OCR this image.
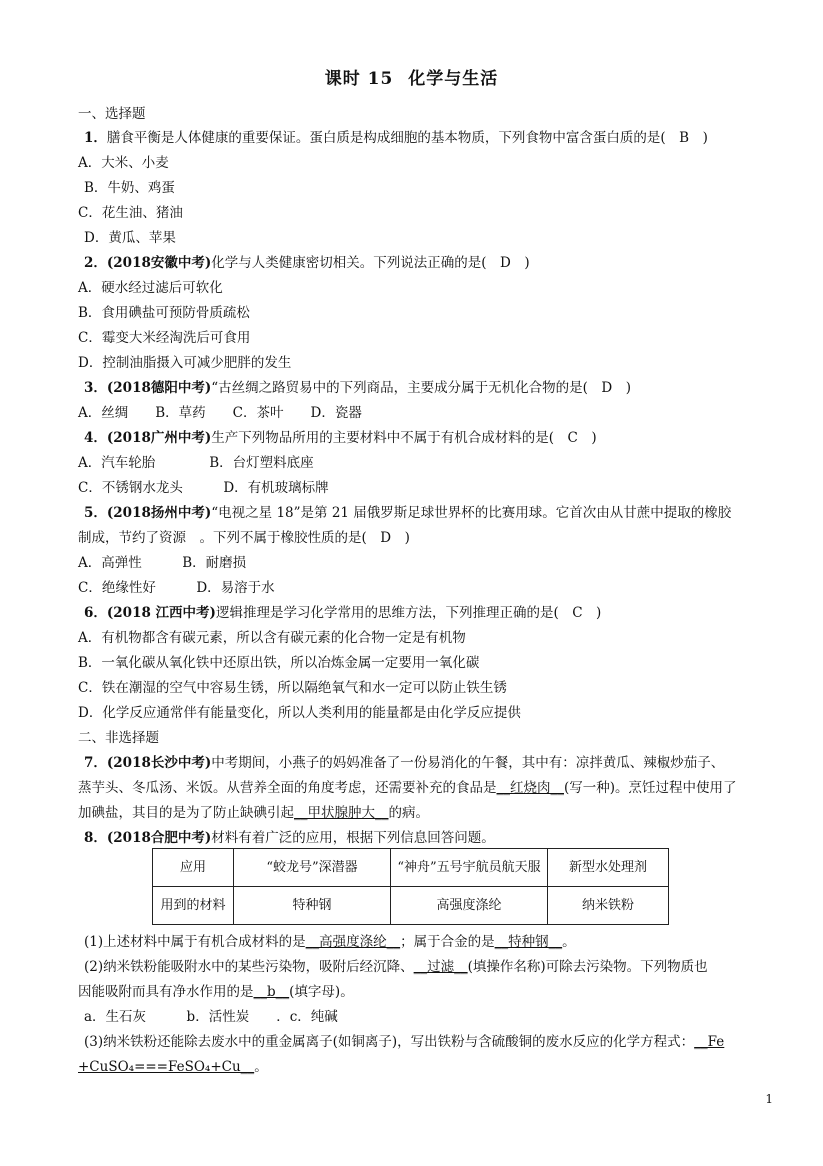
课时 15 化学与生活
一、选择题
1．膳食平衡是人体健康的重要保证。蛋白质是构成细胞的基本物质，下列食物中富含蛋白质的是(　B　)
A．大米、小麦
B．牛奶、鸡蛋
C．花生油、猪油
D．黄瓜、苹果
2．(2018安徽中考)化学与人类健康密切相关。下列说法正确的是(　D　)
A．硬水经过滤后可软化
B．食用碘盐可预防骨质疏松
C．霉变大米经淘洗后可食用
D．控制油脂摄入可减少肥胖的发生
3．(2018德阳中考)“古丝绸之路贸易中的下列商品，主要成分属于无机化合物的是(　D　)
A．丝绸　　B．草药　　C．茶叶　　D．瓷器
4．(2018广州中考)生产下列物品所用的主要材料中不属于有机合成材料的是(　C　)
A．汽车轮胎　　　　B．台灯塑料底座
C．不锈钢水龙头　　　D．有机玻璃标牌
5．(2018扬州中考)“电视之星 18”是第 21 届俄罗斯足球世界杯的比赛用球。它首次由从甘蔗中提取的橡胶
制成，节约了资源　。下列不属于橡胶性质的是(　D　)
A．高弹性　　　B．耐磨损
C．绝缘性好　　　D．易溶于水
6．(2018 江西中考)逻辑推理是学习化学常用的思维方法，下列推理正确的是(　C　)
A．有机物都含有碳元素，所以含有碳元素的化合物一定是有机物
B．一氧化碳从氧化铁中还原出铁，所以冶炼金属一定要用一氧化碳
C．铁在潮湿的空气中容易生锈，所以隔绝氧气和水一定可以防止铁生锈
D．化学反应通常伴有能量变化，所以人类利用的能量都是由化学反应提供
二、非选择题
7．(2018长沙中考)中考期间，小燕子的妈妈准备了一份易消化的午餐，其中有：凉拌黄瓜、辣椒炒茄子、
蒸芋头、冬瓜汤、米饭。从营养全面的角度考虑，还需要补充的食品是__红烧肉__(写一种)。烹饪过程中使用了
加碘盐，其目的是为了防止缺碘引起__甲状腺肿大__的病。
8．(2018合肥中考)材料有着广泛的应用，根据下列信息回答问题。
应用	“蛟龙号”深潜器	“神舟”五号宇航员航天服	新型水处理剂
用到的材料	特种钢	高强度涤纶	纳米铁粉
(1)上述材料中属于有机合成材料的是__高强度涤纶__；属于合金的是__特种钢__。
(2)纳米铁粉能吸附水中的某些污染物，吸附后经沉降、__过滤__(填操作名称)可除去污染物。下列物质也
因能吸附而具有净水作用的是__b__(填字母)。
a．生石灰　　　b．活性炭　　．c．纯碱
(3)纳米铁粉还能除去废水中的重金属离子(如铜离子)，写出铁粉与含硫酸铜的废水反应的化学方程式：__Fe
+CuSO₄===FeSO₄+Cu__。
1
